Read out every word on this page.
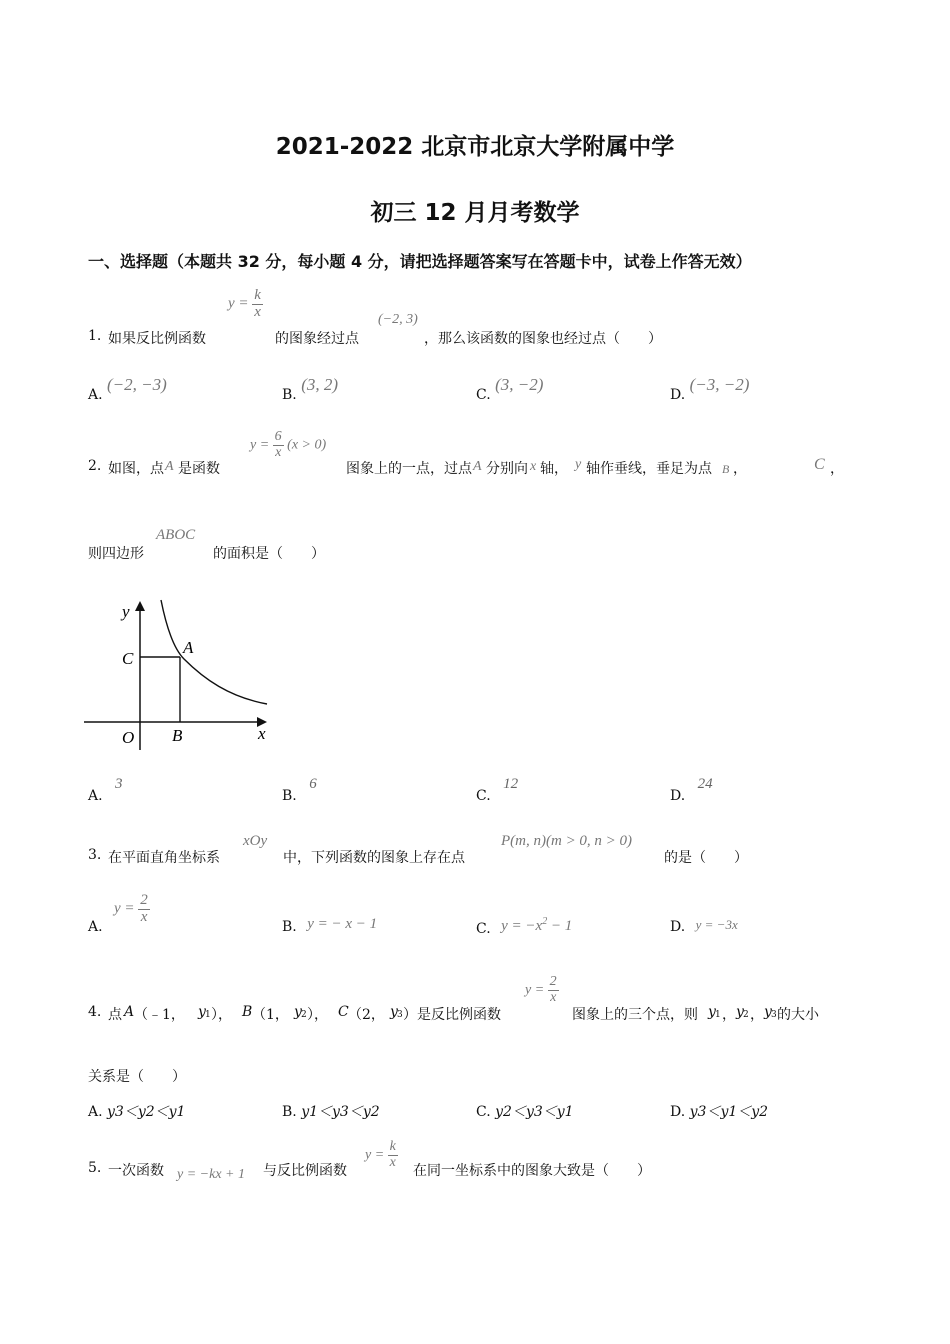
2021-2022 北京市北京大学附属中学
初三 12 月月考数学
一、选择题（本题共 32 分，每小题 4 分，请把选择题答案写在答题卡中，试卷上作答无效）
1. 如果反比例函数
$y = \frac{k}{x}$
的图象经过点
(−2, 3)
，那么该函数的图象也经过点（　　）
A. (−2, −3)
B. (3, 2)
C. (3, −2)
D. (−3, −2)
2. 如图，点 A 是函数
$y = \frac{6}{x} (x > 0)$
图象上的一点，过点 A 分别向 x 轴， y 轴作垂线，垂足为点 B ，	C ，
则四边形
ABOC
的面积是（　　）
y
x
O
A
B
C
A. 3
B. 6
C. 12
D. 24
3. 在平面直角坐标系
xOy
中，下列函数的图象上存在点
P(m, n)(m > 0, n > 0)
的是（　　）
A.
$y = \frac{2}{x}$
B. y = − x − 1	C. $y = -x^2 - 1$	D. y = −3x
4. 点 A （﹣1， y 1 ）， B （1， y 2 ）， C （2， y 3 ）是反比例函数
$y = \frac{2}{x}$
图象上的三个点，则 y 1 ， y 2 ， y 3 的大小
关系是（　　）
A. y3＜y2＜y1	B. y1＜y3＜y2	C. y2＜y3＜y1	D. y3＜y1＜y2
5. 一次函数 y = −kx + 1 与反比例函数
$y = \frac{k}{x}$
在同一坐标系中的图象大致是（　　）
